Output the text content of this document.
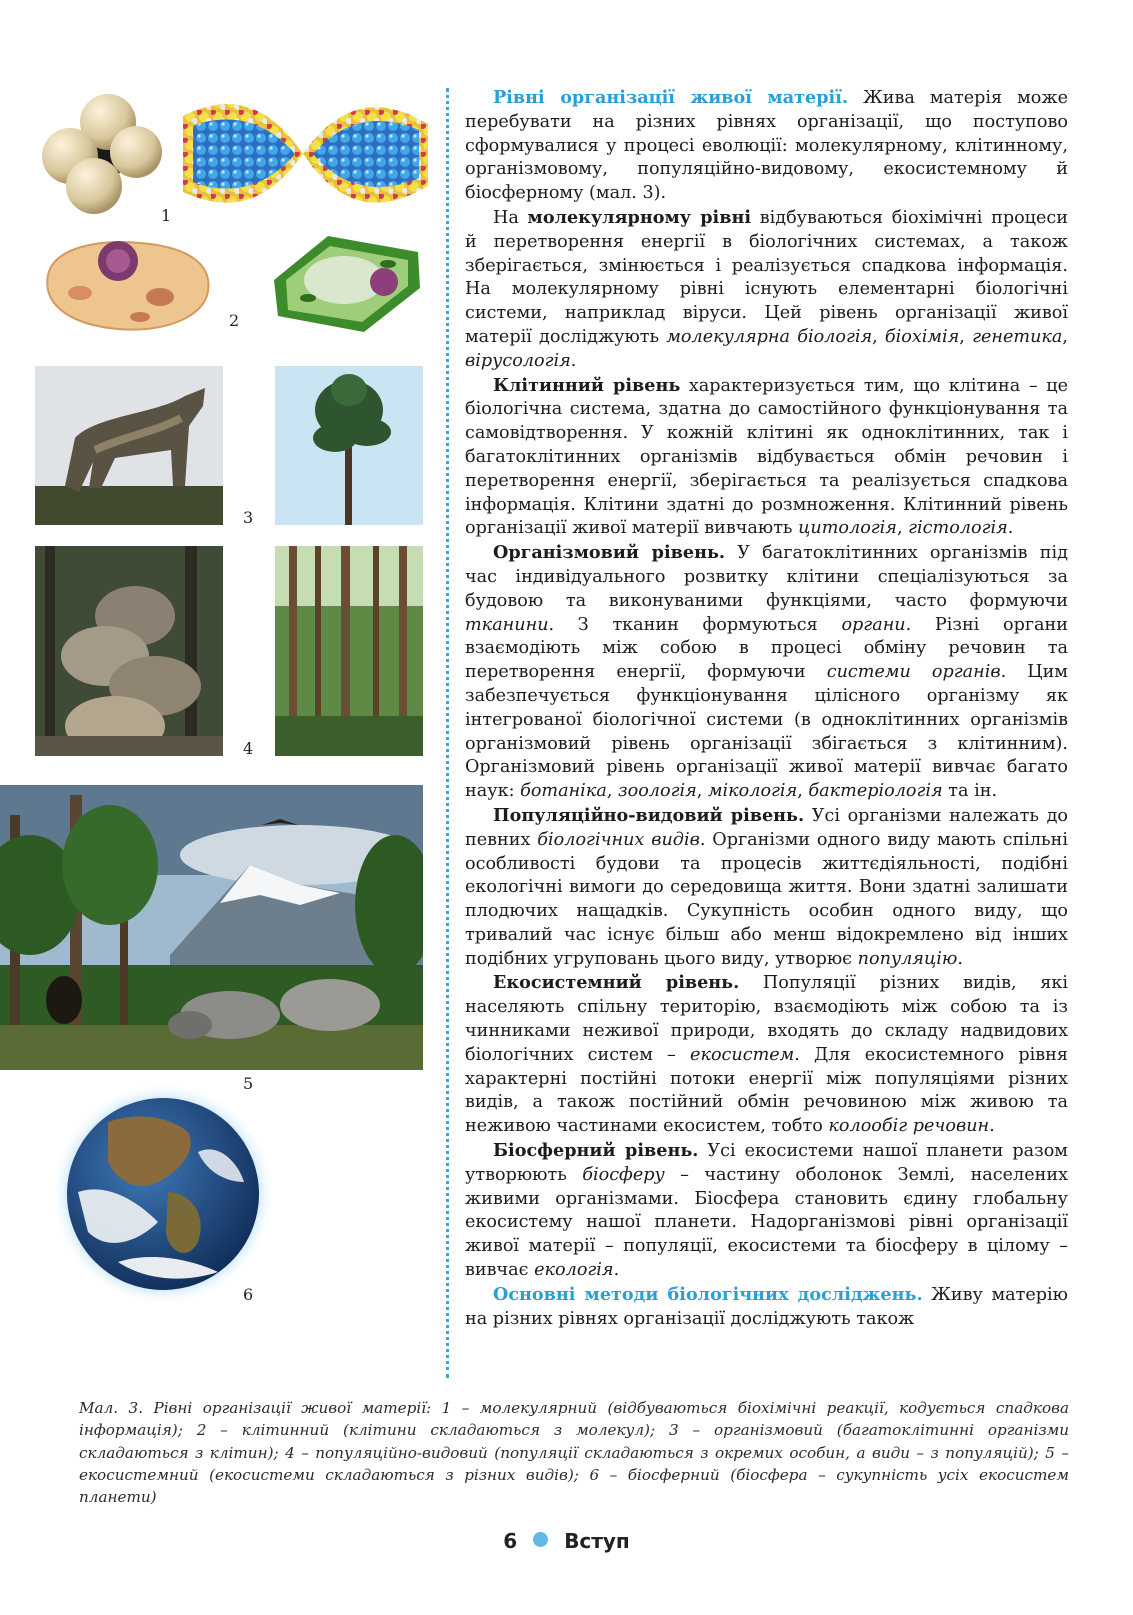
1
2
3
4
5
6

Рівні організації живої матерії. Жива матерія може перебувати на різних рівнях організації, що поступово сформувалися у процесі еволюції: молекулярному, клітинному, організмовому, популяційно-видовому, екосистемному й біосферному (мал. 3).

На молекулярному рівні відбуваються біохімічні процеси й перетворення енергії в біологічних системах, а також зберігається, змінюється і реалізується спадкова інформація. На молекулярному рівні існують елементарні біологічні системи, наприклад віруси. Цей рівень організації живої матерії досліджують молекулярна біологія, біохімія, генетика, вірусологія.

Клітинний рівень характеризується тим, що клітина – це біологічна система, здатна до самостійного функціонування та самовідтворення. У кожній клітині як одноклітинних, так і багатоклітинних організмів відбувається обмін речовин і перетворення енергії, зберігається та реалізується спадкова інформація. Клітини здатні до розмноження. Клітинний рівень організації живої матерії вивчають цитологія, гістологія.

Організмовий рівень. У багатоклітинних організмів під час індивідуального розвитку клітини спеціалізуються за будовою та виконуваними функціями, часто формуючи тканини. З тканин формуються органи. Різні органи взаємодіють між собою в процесі обміну речовин та перетворення енергії, формуючи системи органів. Цим забезпечується функціонування цілісного організму як інтегрованої біологічної системи (в одноклітинних організмів організмовий рівень організації збігається з клітинним). Організмовий рівень організації живої матерії вивчає багато наук: ботаніка, зоологія, мікологія, бактеріологія та ін.

Популяційно-видовий рівень. Усі організми належать до певних біологічних видів. Організми одного виду мають спільні особливості будови та процесів життєдіяльності, подібні екологічні вимоги до середовища життя. Вони здатні залишати плодючих нащадків. Сукупність особин одного виду, що тривалий час існує більш або менш відокремлено від інших подібних угруповань цього виду, утворює популяцію.

Екосистемний рівень. Популяції різних видів, які населяють спільну територію, взаємодіють між собою та із чинниками неживої природи, входять до складу надвидових біологічних систем – екосистем. Для екосистемного рівня характерні постійні потоки енергії між популяціями різних видів, а також постійний обмін речовиною між живою та неживою частинами екосистем, тобто колообіг речовин.

Біосферний рівень. Усі екосистеми нашої планети разом утворюють біосферу – частину оболонок Землі, населених живими організмами. Біосфера становить єдину глобальну екосистему нашої планети. Надорганізмові рівні організації живої матерії – популяції, екосистеми та біосферу в цілому – вивчає екологія.

Основні методи біологічних досліджень. Живу матерію на різних рівнях організації досліджують також

Мал. 3. Рівні організації живої матерії: 1 – молекулярний (відбуваються біохімічні реакції, кодується спадкова інформація); 2 – клітинний (клітини складаються з молекул); 3 – організмовий (багатоклітинні організми складаються з клітин); 4 – популяційно-видовий (популяції складаються з окремих особин, а види – з популяцій); 5 – екосистемний (екосистеми складаються з різних видів); 6 – біосферний (біосфера – сукупність усіх екосистем планети)
6 Вступ
